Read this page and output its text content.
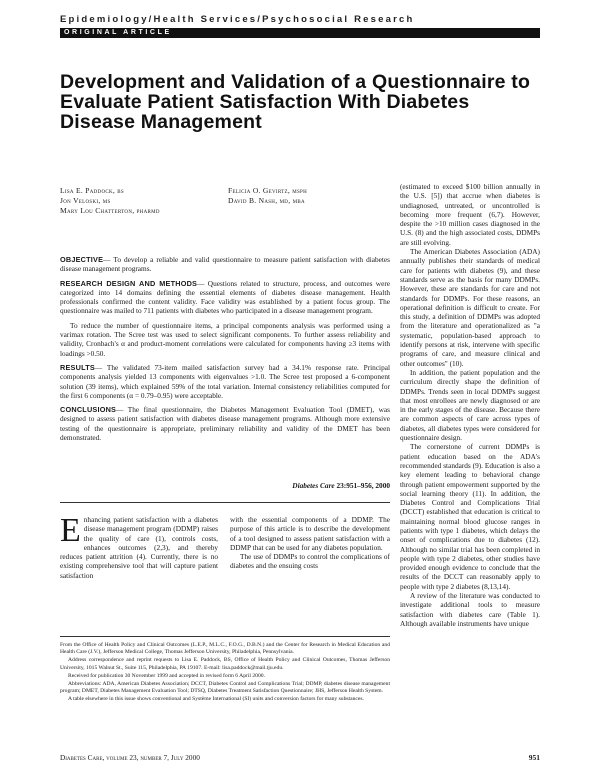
Epidemiology/Health Services/Psychosocial Research
ORIGINAL ARTICLE
Development and Validation of a Questionnaire to Evaluate Patient Satisfaction With Diabetes Disease Management
Lisa E. Paddock, bs
Jon Veloski, ms
Mary Lou Chatterton, pharmd
Felicia O. Gevirtz, msph
David B. Nash, md, mba

OBJECTIVE— To develop a reliable and valid questionnaire to measure patient satisfaction with diabetes disease management programs.

RESEARCH DESIGN AND METHODS— Questions related to structure, process, and outcomes were categorized into 14 domains defining the essential elements of diabetes disease management. Health professionals confirmed the content validity. Face validity was established by a patient focus group. The questionnaire was mailed to 711 patients with diabetes who participated in a disease management program.

To reduce the number of questionnaire items, a principal components analysis was performed using a varimax rotation. The Scree test was used to select significant components. To further assess reliability and validity, Cronbach's α and product-moment correlations were calculated for components having ≥3 items with loadings >0.50.

RESULTS— The validated 73-item mailed satisfaction survey had a 34.1% response rate. Principal components analysis yielded 13 components with eigenvalues >1.0. The Scree test proposed a 6-component solution (39 items), which explained 59% of the total variation. Internal consistency reliabilities computed for the first 6 components (α = 0.79–0.95) were acceptable.

CONCLUSIONS— The final questionnaire, the Diabetes Management Evaluation Tool (DMET), was designed to assess patient satisfaction with diabetes disease management programs. Although more extensive testing of the questionnaire is appropriate, preliminary reliability and validity of the DMET has been demonstrated.

Diabetes Care 23:951–956, 2000
E nhancing patient satisfaction with a diabetes disease management program (DDMP) raises the quality of care (1), controls costs, enhances outcomes (2,3), and thereby reduces patient attrition (4). Currently, there is no existing comprehensive tool that will capture patient satisfaction

with the essential components of a DDMP. The purpose of this article is to describe the development of a tool designed to assess patient satisfaction with a DDMP that can be used for any diabetes population.

The use of DDMPs to control the complications of diabetes and the ensuing costs

(estimated to exceed $100 billion annually in the U.S. [5]) that accrue when diabetes is undiagnosed, untreated, or uncontrolled is becoming more frequent (6,7). However, despite the >10 million cases diagnosed in the U.S. (8) and the high associated costs, DDMPs are still evolving.

The American Diabetes Association (ADA) annually publishes their standards of medical care for patients with diabetes (9), and these standards serve as the basis for many DDMPs. However, these are standards for care and not standards for DDMPs. For these reasons, an operational definition is difficult to create. For this study, a definition of DDMPs was adopted from the literature and operationalized as "a systematic, population-based approach to identify persons at risk, intervene with specific programs of care, and measure clinical and other outcomes" (10).

In addition, the patient population and the curriculum directly shape the definition of DDMPs. Trends seen in local DDMPs suggest that most enrollees are newly diagnosed or are in the early stages of the disease. Because there are common aspects of care across types of diabetes, all diabetes types were considered for questionnaire design.

The cornerstone of current DDMPs is patient education based on the ADA's recommended standards (9). Education is also a key element leading to behavioral change through patient empowerment supported by the social learning theory (11). In addition, the Diabetes Control and Complications Trial (DCCT) established that education is critical to maintaining normal blood glucose ranges in patients with type 1 diabetes, which delays the onset of complications due to diabetes (12). Although no similar trial has been completed in people with type 2 diabetes, other studies have provided enough evidence to conclude that the results of the DCCT can reasonably apply to people with type 2 diabetes (8,13,14).

A review of the literature was conducted to investigate additional tools to measure satisfaction with diabetes care (Table 1). Although available instruments have unique

From the Office of Health Policy and Clinical Outcomes (L.E.P., M.L.C., F.O.G., D.B.N.) and the Center for Research in Medical Education and Health Care (J.V.), Jefferson Medical College, Thomas Jefferson University, Philadelphia, Pennsylvania.

Address correspondence and reprint requests to Lisa E. Paddock, BS, Office of Health Policy and Clinical Outcomes, Thomas Jefferson University, 1015 Walnut St., Suite 115, Philadelphia, PA 19107. E-mail: lisa.paddock@mail.tju.edu.

Received for publication 30 November 1999 and accepted in revised form 6 April 2000.

Abbreviations: ADA, American Diabetes Association; DCCT, Diabetes Control and Complications Trial; DDMP, diabetes disease management program; DMET, Diabetes Management Evaluation Tool; DTSQ, Diabetes Treatment Satisfaction Questionnaire; JHS, Jefferson Health System.

A table elsewhere in this issue shows conventional and Système International (SI) units and conversion factors for many substances.

Diabetes Care, volume 23, number 7, July 2000	951
